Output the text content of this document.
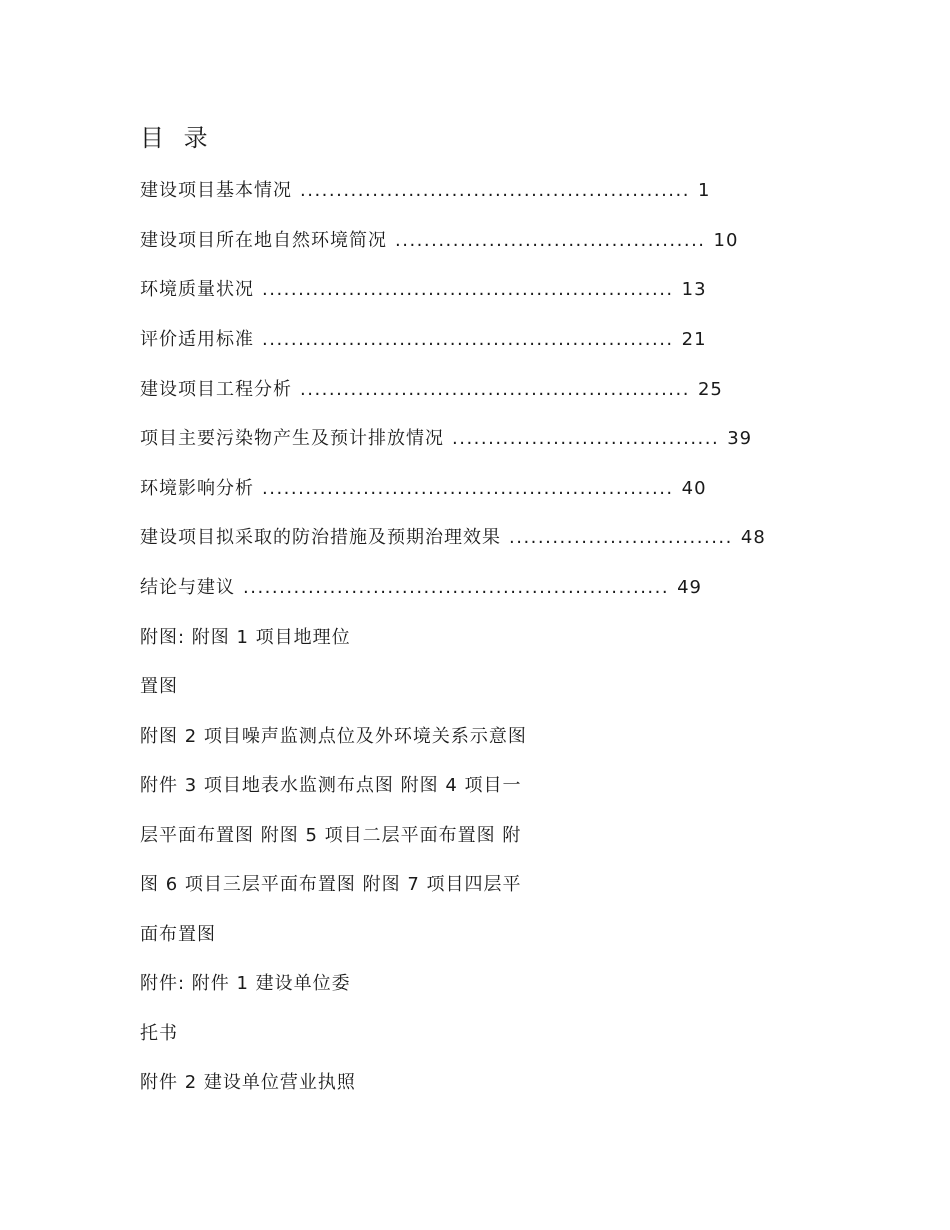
目 录
建设项目基本情况 ...................................................... 1
建设项目所在地自然环境简况 ........................................... 10
环境质量状况 ......................................................... 13
评价适用标准 ......................................................... 21
建设项目工程分析 ...................................................... 25
项目主要污染物产生及预计排放情况 ..................................... 39
环境影响分析 ......................................................... 40
建设项目拟采取的防治措施及预期治理效果 ............................... 48
结论与建议 ........................................................... 49
附图: 附图 1 项目地理位
置图
附图 2 项目噪声监测点位及外环境关系示意图
附件 3 项目地表水监测布点图 附图 4 项目一
层平面布置图 附图 5 项目二层平面布置图 附
图 6 项目三层平面布置图 附图 7 项目四层平
面布置图
附件: 附件 1 建设单位委
托书
附件 2 建设单位营业执照
